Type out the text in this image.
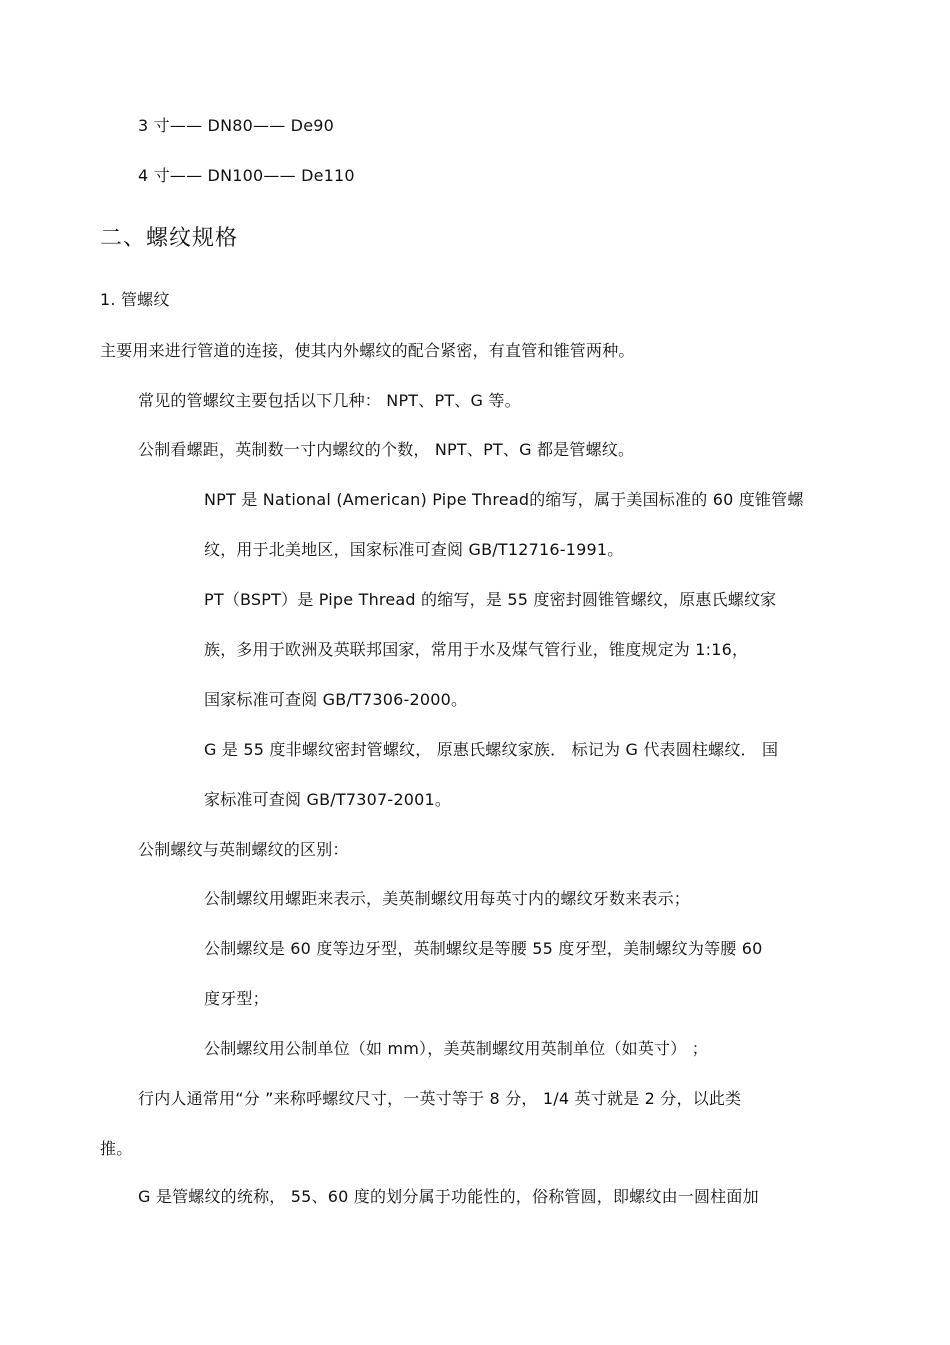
3 寸—— DN80—— De90
4 寸—— DN100—— De110
二、螺纹规格
1. 管螺纹
主要用来进行管道的连接，使其内外螺纹的配合紧密，有直管和锥管两种。
常见的管螺纹主要包括以下几种： NPT、PT、G 等。
公制看螺距，英制数一寸内螺纹的个数， NPT、PT、G 都是管螺纹。
NPT 是 National (American) Pipe Thread的缩写，属于美国标准的 60 度锥管螺
纹，用于北美地区，国家标准可查阅 GB/T12716-1991。
PT（BSPT）是 Pipe Thread 的缩写，是 55 度密封圆锥管螺纹，原惠氏螺纹家
族，多用于欧洲及英联邦国家，常用于水及煤气管行业，锥度规定为 1:16，
国家标准可查阅 GB/T7306-2000。
G 是 55 度非螺纹密封管螺纹， 原惠氏螺纹家族． 标记为 G 代表圆柱螺纹． 国
家标准可查阅 GB/T7307-2001。
公制螺纹与英制螺纹的区别：
公制螺纹用螺距来表示，美英制螺纹用每英寸内的螺纹牙数来表示；
公制螺纹是 60 度等边牙型，英制螺纹是等腰 55 度牙型，美制螺纹为等腰 60
度牙型；
公制螺纹用公制单位（如 mm），美英制螺纹用英制单位（如英寸） ；
行内人通常用“分 ”来称呼螺纹尺寸，一英寸等于 8 分， 1/4 英寸就是 2 分，以此类
推。
G 是管螺纹的统称， 55、60 度的划分属于功能性的，俗称管圆，即螺纹由一圆柱面加
